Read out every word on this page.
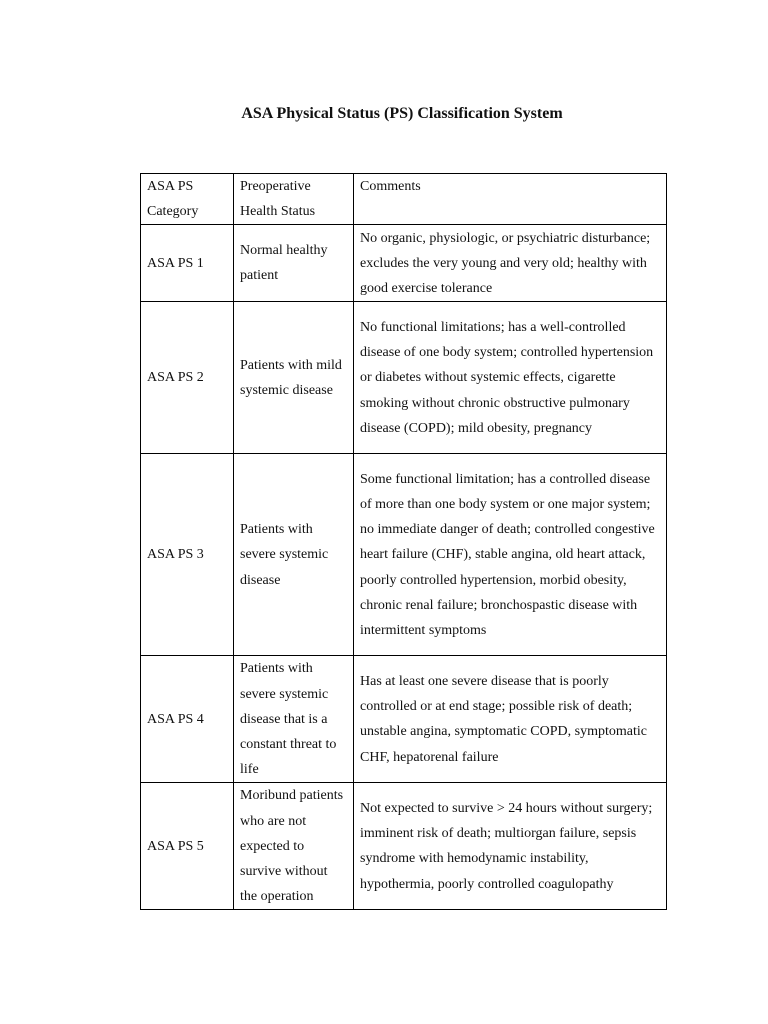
ASA Physical Status (PS) Classification System
ASA PS Category	Preoperative Health Status	Comments
ASA PS 1	Normal healthy patient	No organic, physiologic, or psychiatric disturbance; excludes the very young and very old; healthy with good exercise tolerance
ASA PS 2	Patients with mild systemic disease	No functional limitations; has a well-controlled disease of one body system; controlled hypertension or diabetes without systemic effects, cigarette smoking without chronic obstructive pulmonary disease (COPD); mild obesity, pregnancy
ASA PS 3	Patients with severe systemic disease	Some functional limitation; has a controlled disease of more than one body system or one major system; no immediate danger of death; controlled congestive heart failure (CHF), stable angina, old heart attack, poorly controlled hypertension, morbid obesity, chronic renal failure; bronchospastic disease with intermittent symptoms
ASA PS 4	Patients with severe systemic disease that is a constant threat to life	Has at least one severe disease that is poorly controlled or at end stage; possible risk of death; unstable angina, symptomatic COPD, symptomatic CHF, hepatorenal failure
ASA PS 5	Moribund patients who are not expected to survive without the operation	Not expected to survive > 24 hours without surgery; imminent risk of death; multiorgan failure, sepsis syndrome with hemodynamic instability, hypothermia, poorly controlled coagulopathy
